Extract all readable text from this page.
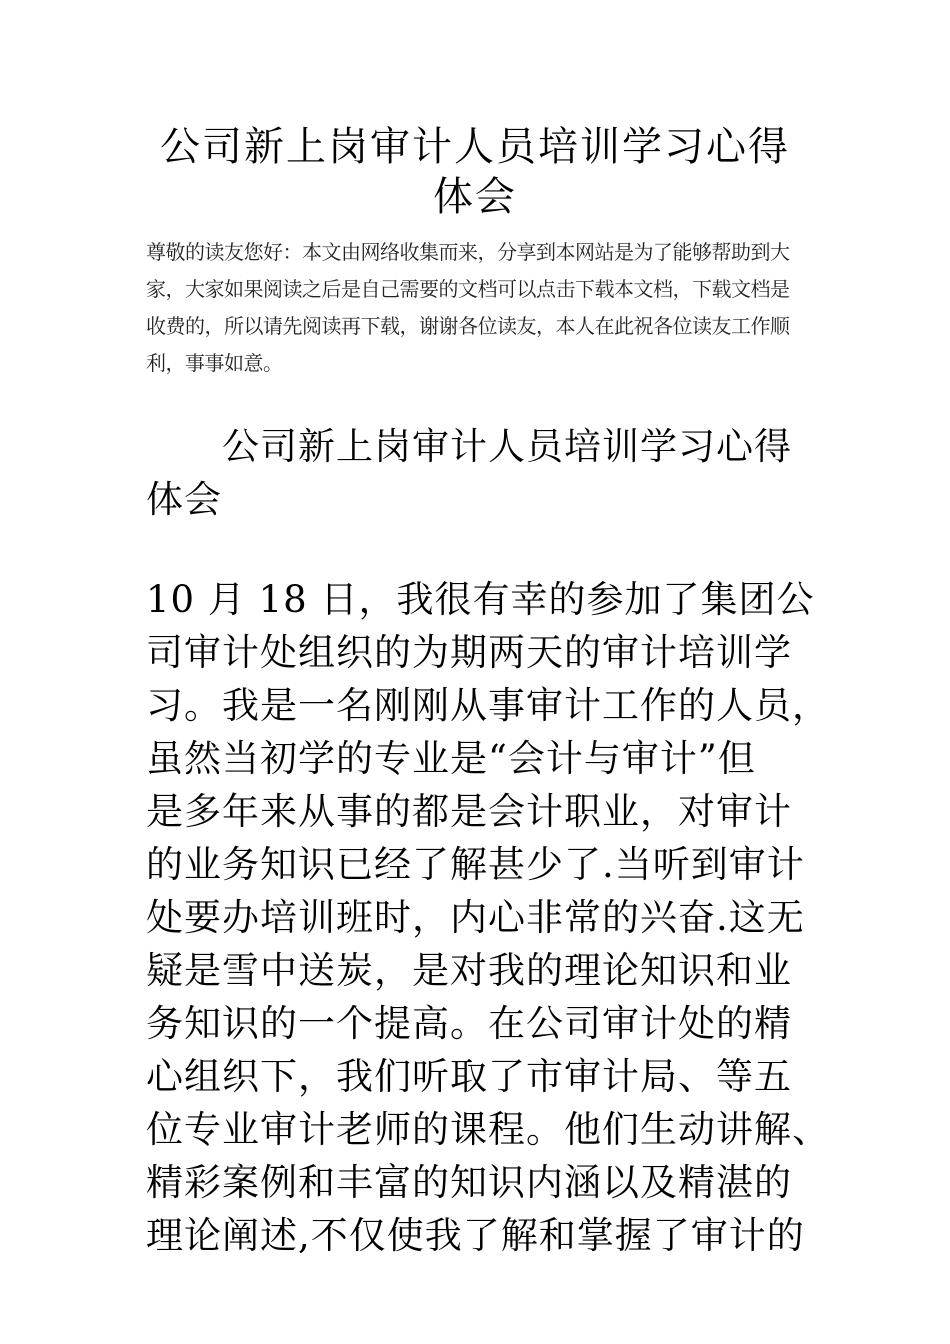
公司新上岗审计人员培训学习心得
体会
尊敬的读友您好：本文由网络收集而来，分享到本网站是为了能够帮助到大
家，大家如果阅读之后是自己需要的文档可以点击下载本文档，下载文档是
收费的，所以请先阅读再下载，谢谢各位读友，本人在此祝各位读友工作顺
利，事事如意。
公司新上岗审计人员培训学习心得
体会
10 月 18 日，我很有幸的参加了集团公
司审计处组织的为期两天的审计培训学
习。我是一名刚刚从事审计工作的人员，
虽然当初学的专业是“会计与审计”但
是多年来从事的都是会计职业，对审计
的业务知识已经了解甚少了.当听到审计
处要办培训班时，内心非常的兴奋.这无
疑是雪中送炭，是对我的理论知识和业
务知识的一个提高。在公司审计处的精
心组织下，我们听取了市审计局、等五
位专业审计老师的课程。他们生动讲解、
精彩案例和丰富的知识内涵以及精湛的
理论阐述,不仅使我了解和掌握了审计的
